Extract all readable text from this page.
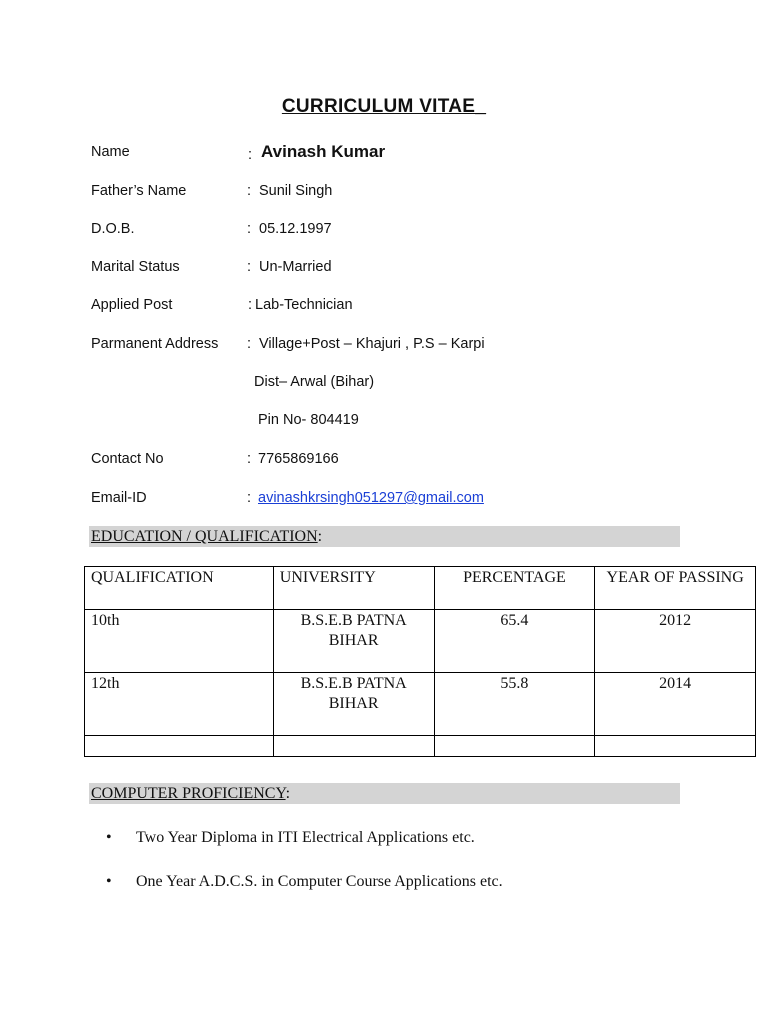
CURRICULUM VITAE_
Name	: Avinash Kumar
Father’s Name	: Sunil Singh
D.O.B.	: 05.12.1997
Marital Status	: Un-Married
Applied Post	: Lab-Technician
Parmanent Address : Village+Post – Khajuri , P.S – Karpi
Dist– Arwal (Bihar)
Pin No- 804419
Contact No	: 7765869166
Email-ID	: avinashkrsingh051297@gmail.com
EDUCATION / QUALIFICATION:
QUALIFICATION	UNIVERSITY	PERCENTAGE	YEAR OF PASSING
10th	B.S.E.B PATNA BIHAR	65.4	2012
12th	B.S.E.B PATNA BIHAR	55.8	2014

COMPUTER PROFICIENCY:
• Two Year Diploma in ITI Electrical Applications etc.
• One Year A.D.C.S. in Computer Course Applications etc.
